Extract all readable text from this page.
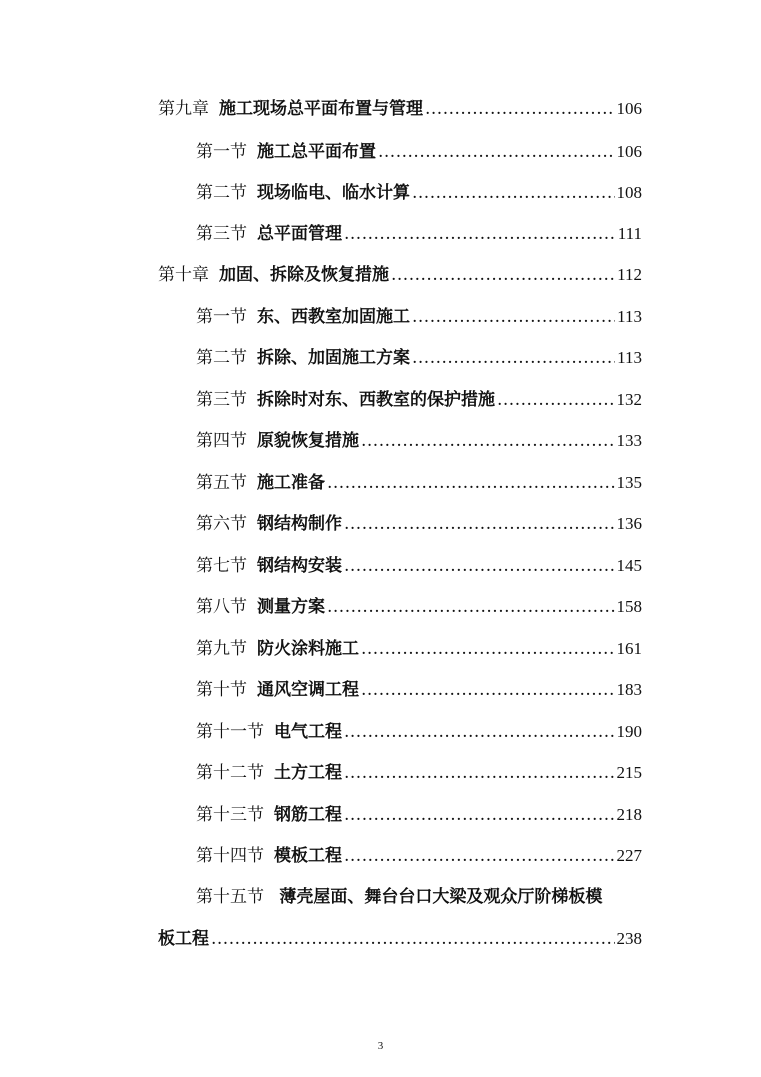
第九章 施工现场总平面布置与管理 .....	106
第一节 施工总平面布置 .....	106
第二节 现场临电、临水计算 .....	108
第三节 总平面管理 .....	111
第十章 加固、拆除及恢复措施 .....	112
第一节 东、西教室加固施工 .....	113
第二节 拆除、加固施工方案 .....	113
第三节 拆除时对东、西教室的保护措施 .....	132
第四节 原貌恢复措施 .....	133
第五节 施工准备 .....	135
第六节 钢结构制作 .....	136
第七节 钢结构安装 .....	145
第八节 测量方案 .....	158
第九节 防火涂料施工 .....	161
第十节 通风空调工程 .....	183
第十一节 电气工程 .....	190
第十二节 土方工程 .....	215
第十三节 钢筋工程 .....	218
第十四节 模板工程 .....	227
第十五节 薄壳屋面、舞台台口大梁及观众厅阶梯板模
板工程 .....	238
3
